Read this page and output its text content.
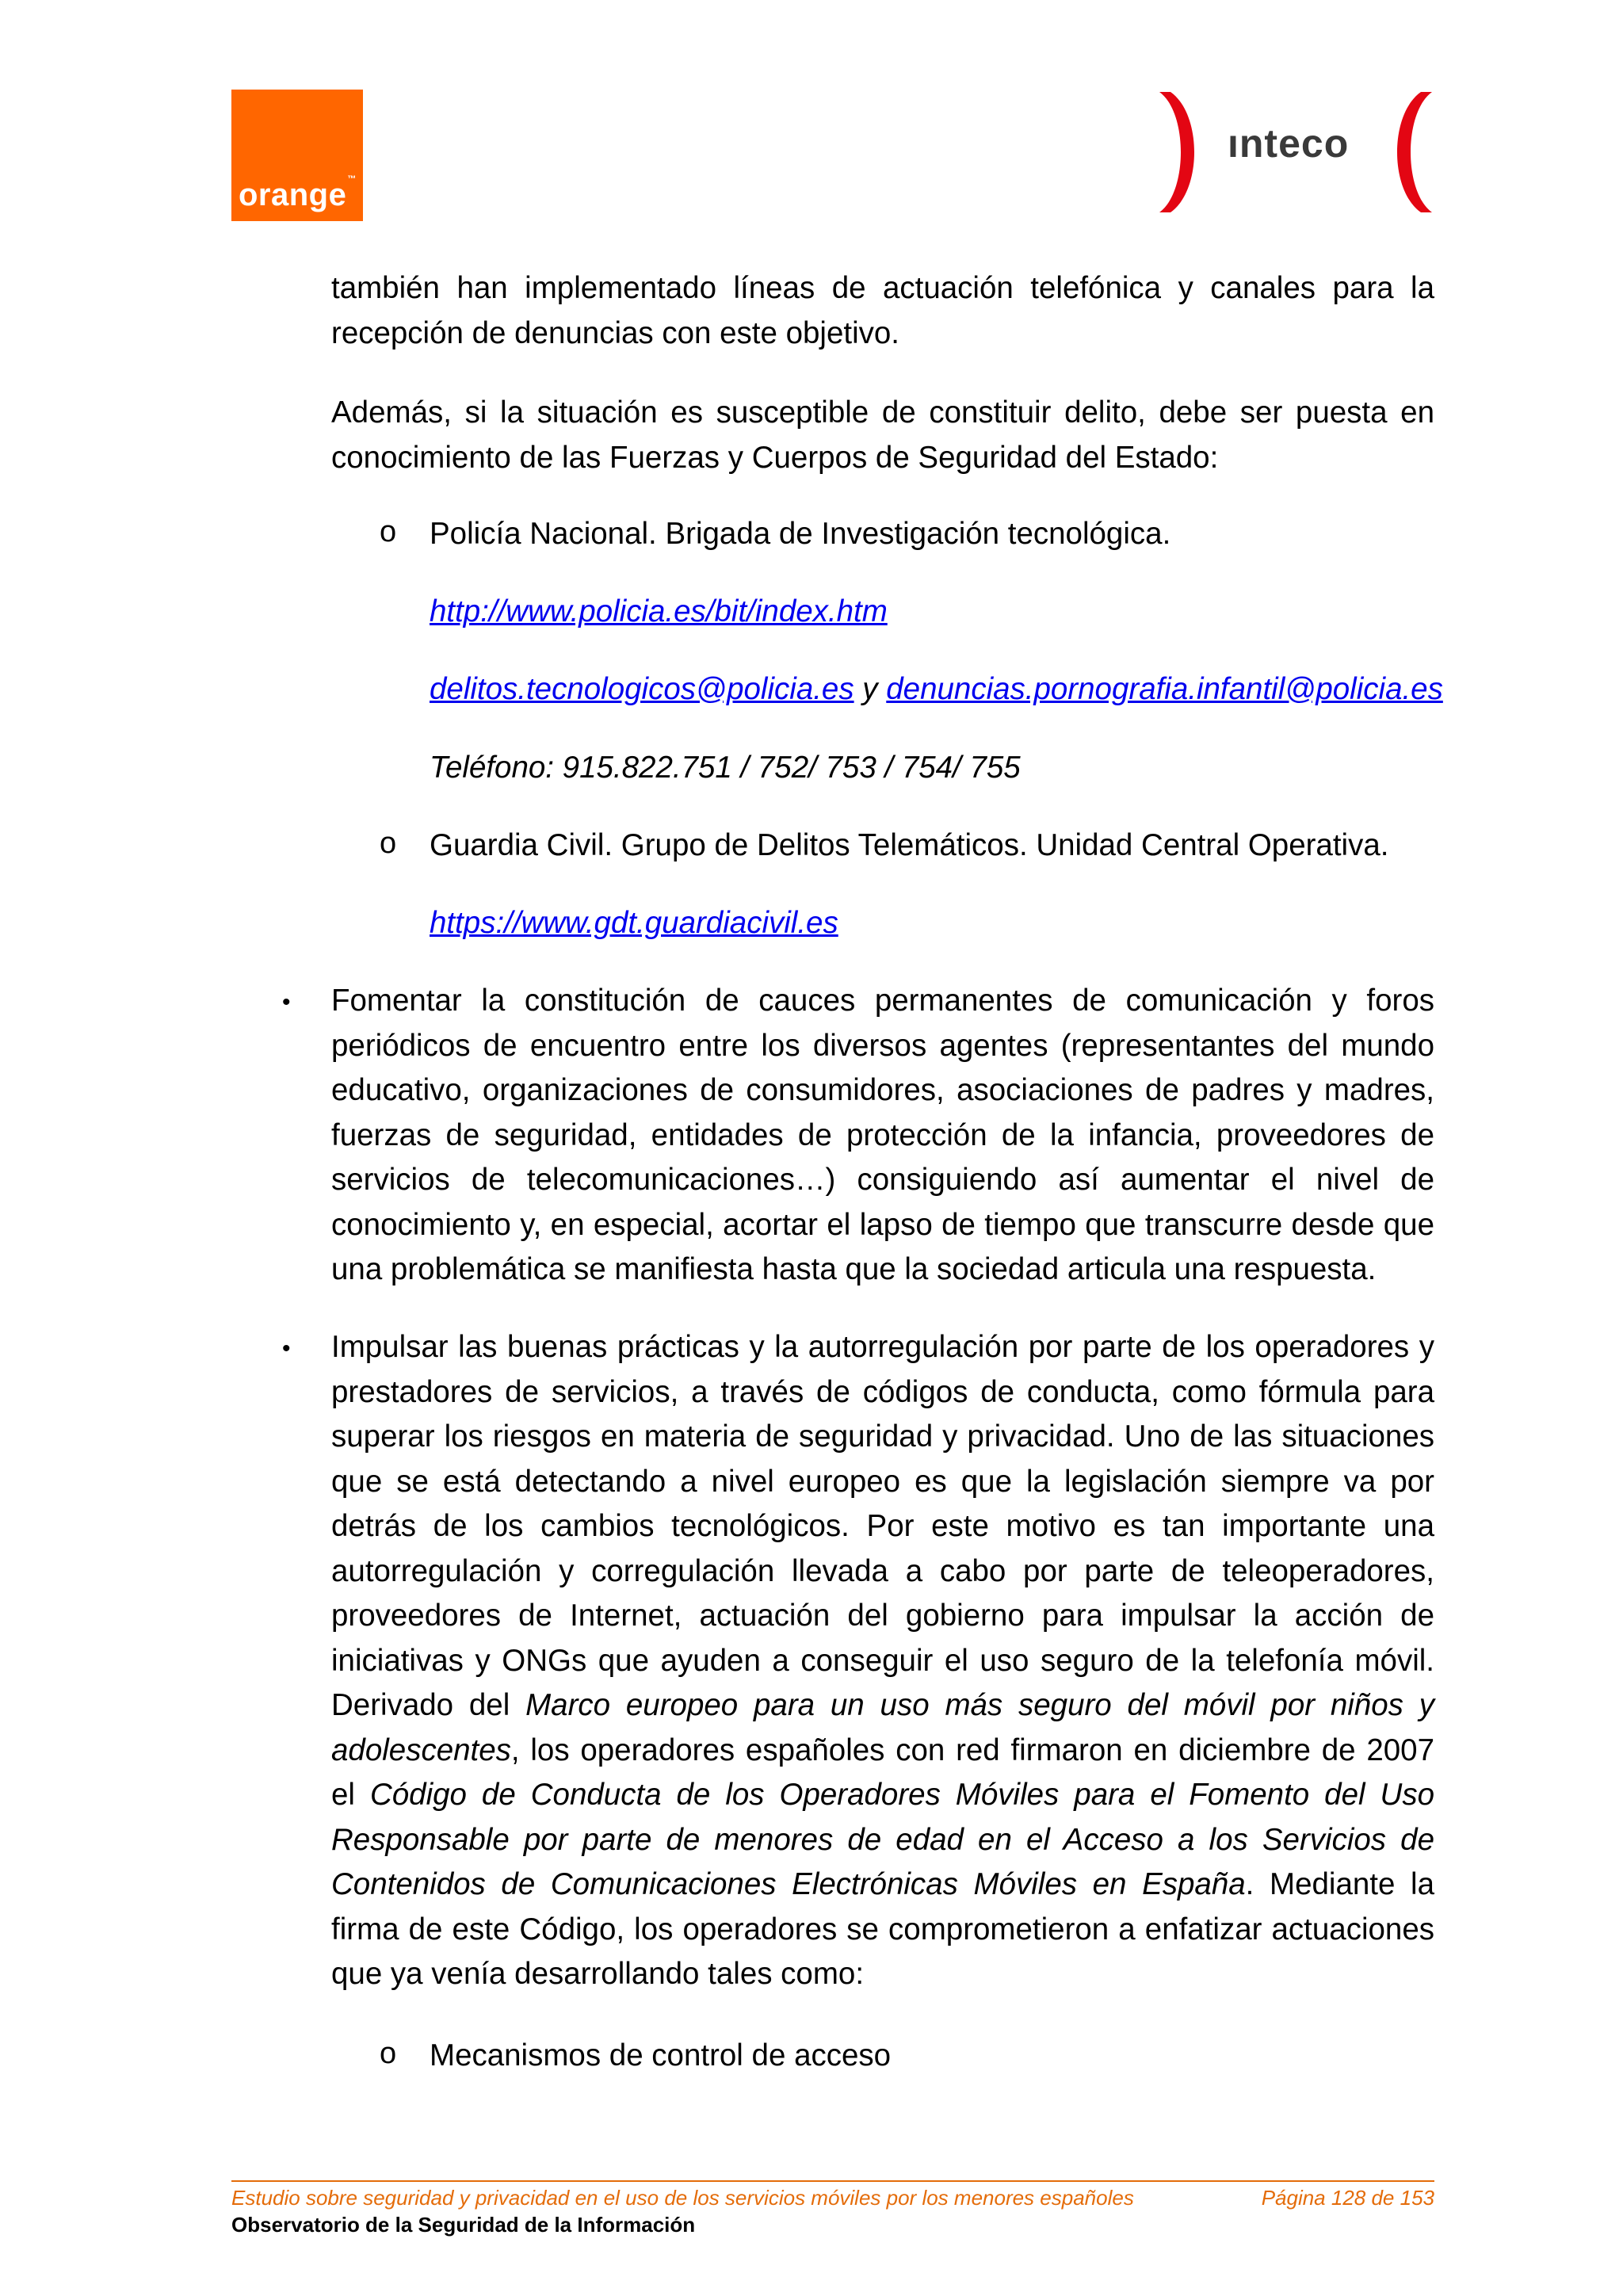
orange™
ınteco
también han implementado líneas de actuación telefónica y canales para la recepción de denuncias con este objetivo.
Además, si la situación es susceptible de constituir delito, debe ser puesta en conocimiento de las Fuerzas y Cuerpos de Seguridad del Estado:
o Policía Nacional. Brigada de Investigación tecnológica.
http://www.policia.es/bit/index.htm
delitos.tecnologicos@policia.es y denuncias.pornografia.infantil@policia.es
Teléfono: 915.822.751 / 752/ 753 / 754/ 755
o Guardia Civil. Grupo de Delitos Telemáticos. Unidad Central Operativa.
https://www.gdt.guardiacivil.es
• Fomentar la constitución de cauces permanentes de comunicación y foros periódicos de encuentro entre los diversos agentes (representantes del mundo educativo, organizaciones de consumidores, asociaciones de padres y madres, fuerzas de seguridad, entidades de protección de la infancia, proveedores de servicios de telecomunicaciones…) consiguiendo así aumentar el nivel de conocimiento y, en especial, acortar el lapso de tiempo que transcurre desde que una problemática se manifiesta hasta que la sociedad articula una respuesta.
• Impulsar las buenas prácticas y la autorregulación por parte de los operadores y prestadores de servicios, a través de códigos de conducta, como fórmula para superar los riesgos en materia de seguridad y privacidad. Uno de las situaciones que se está detectando a nivel europeo es que la legislación siempre va por detrás de los cambios tecnológicos. Por este motivo es tan importante una autorregulación y corregulación llevada a cabo por parte de teleoperadores, proveedores de Internet, actuación del gobierno para impulsar la acción de iniciativas y ONGs que ayuden a conseguir el uso seguro de la telefonía móvil. Derivado del Marco europeo para un uso más seguro del móvil por niños y adolescentes, los operadores españoles con red firmaron en diciembre de 2007 el Código de Conducta de los Operadores Móviles para el Fomento del Uso Responsable por parte de menores de edad en el Acceso a los Servicios de Contenidos de Comunicaciones Electrónicas Móviles en España. Mediante la firma de este Código, los operadores se comprometieron a enfatizar actuaciones que ya venía desarrollando tales como:
o Mecanismos de control de acceso
Estudio sobre seguridad y privacidad en el uso de los servicios móviles por los menores españoles	Página 128 de 153
Observatorio de la Seguridad de la Información
